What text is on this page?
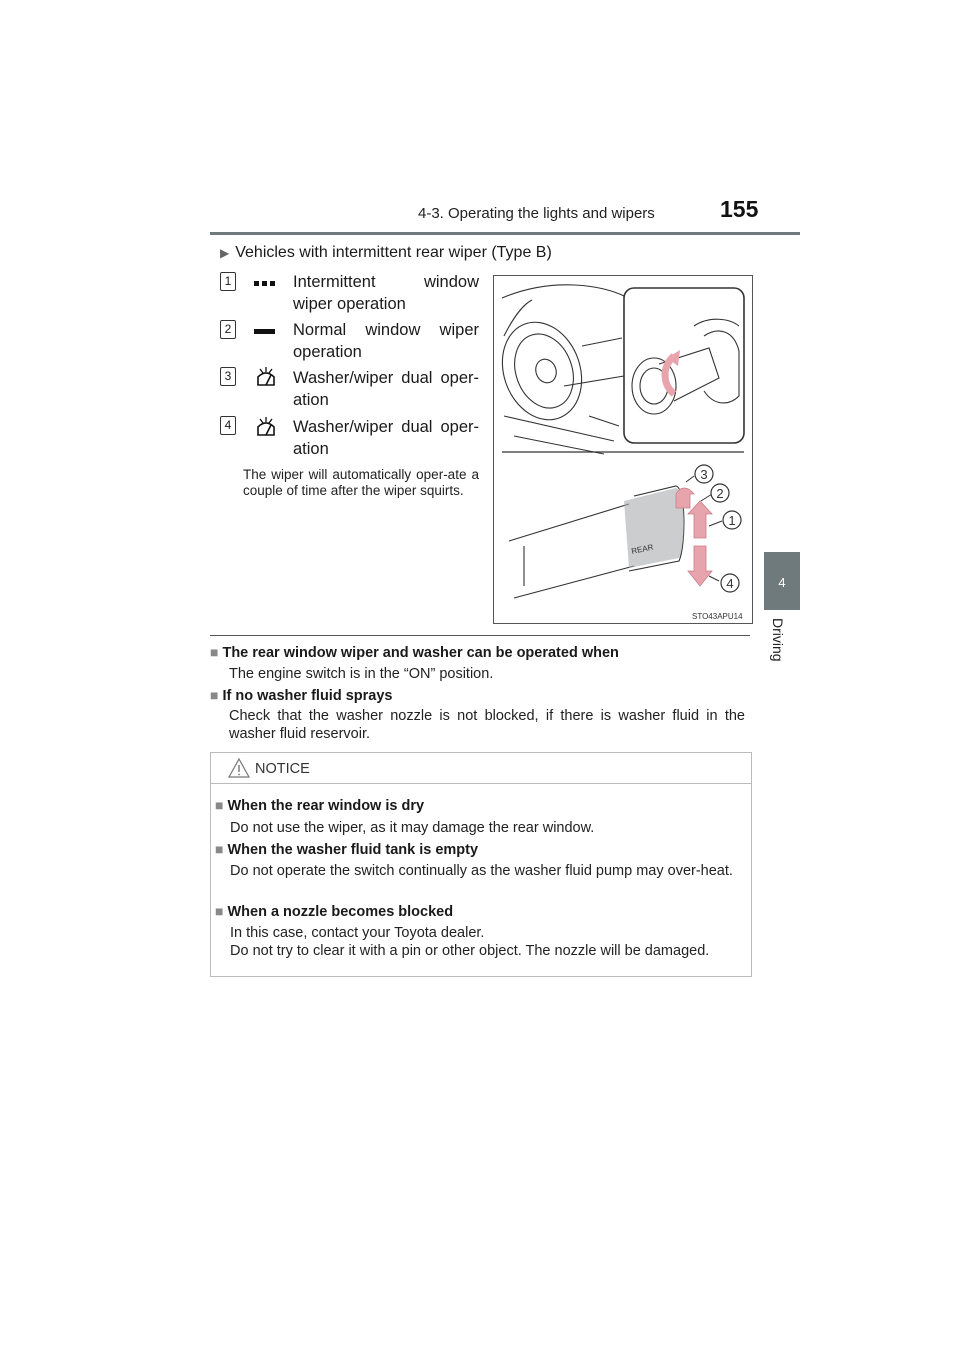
4-3. Operating the lights and wipers	155
4
Driving
▶ Vehicles with intermittent rear wiper (Type B)
1	Intermittent window wiper operation
2	Normal window wiper operation
3	Washer/wiper dual oper-ation
4	Washer/wiper dual oper-ation
The wiper will automatically oper-ate a couple of time after the wiper squirts.
3
2
1
4
REAR
STO43APU14
■ The rear window wiper and washer can be operated when
The engine switch is in the “ON” position.
■ If no washer fluid sprays
Check that the washer nozzle is not blocked, if there is washer fluid in the washer fluid reservoir.
NOTICE
■ When the rear window is dry
Do not use the wiper, as it may damage the rear window.
■ When the washer fluid tank is empty
Do not operate the switch continually as the washer fluid pump may over-heat.
■ When a nozzle becomes blocked
In this case, contact your Toyota dealer.
Do not try to clear it with a pin or other object. The nozzle will be damaged.
